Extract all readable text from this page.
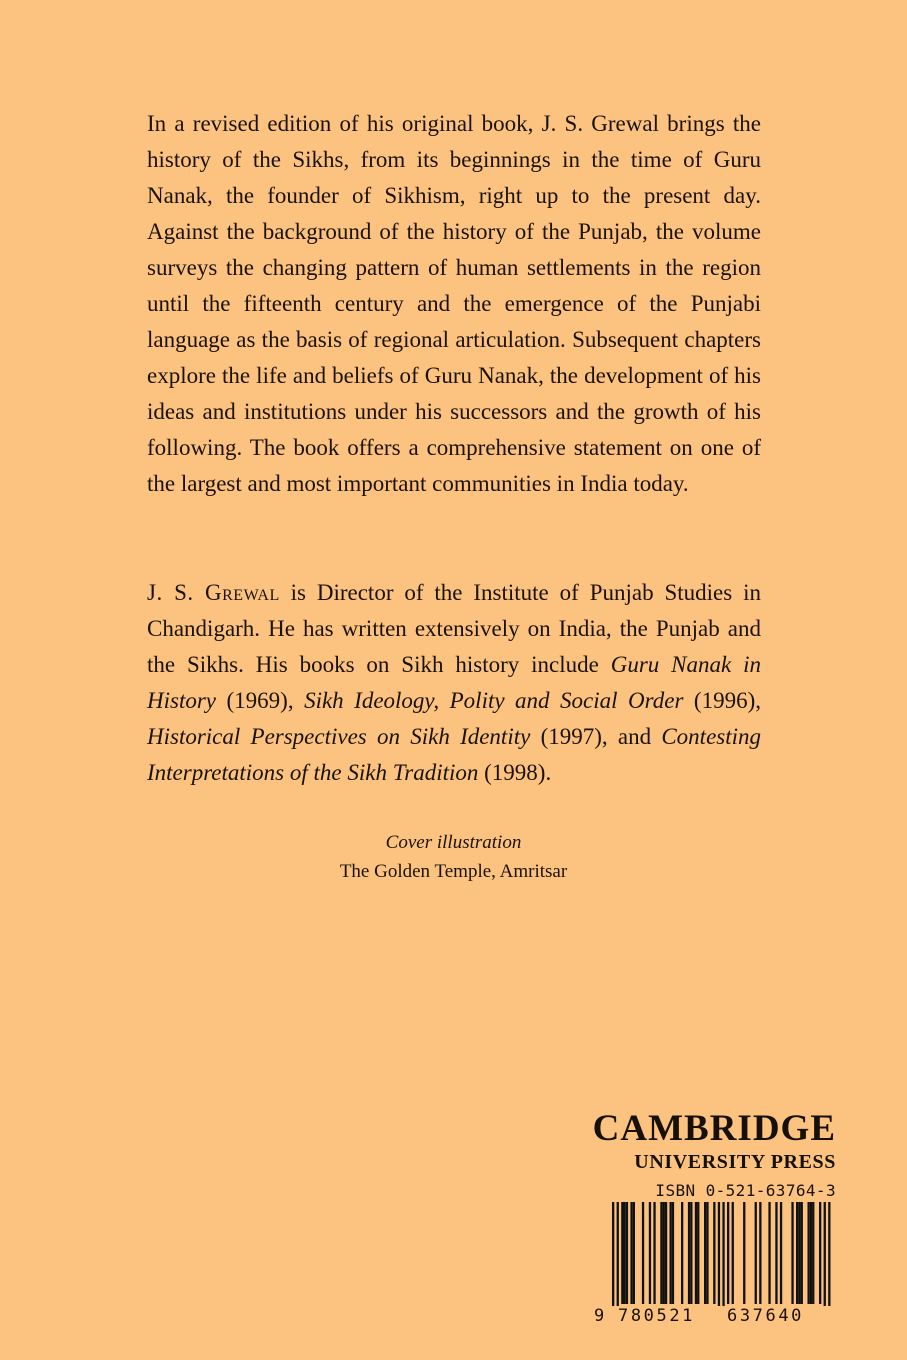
In a revised edition of his original book, J. S. Grewal brings the history of the Sikhs, from its beginnings in the time of Guru Nanak, the founder of Sikhism, right up to the present day. Against the background of the history of the Punjab, the volume surveys the changing pattern of human settlements in the region until the fifteenth century and the emergence of the Punjabi language as the basis of regional articulation. Subsequent chapters explore the life and beliefs of Guru Nanak, the development of his ideas and institutions under his successors and the growth of his following. The book offers a comprehensive statement on one of the largest and most important communities in India today.

J. S. Grewal is Director of the Institute of Punjab Studies in Chandigarh. He has written extensively on India, the Punjab and the Sikhs. His books on Sikh history include Guru Nanak in History (1969), Sikh Ideology, Polity and Social Order (1996), Historical Perspectives on Sikh Identity (1997), and Contesting Interpretations of the Sikh Tradition (1998).

Cover illustration
The Golden Temple, Amritsar
CAMBRIDGE
UNIVERSITY PRESS
ISBN 0-521-63764-3
9 780521 637640
